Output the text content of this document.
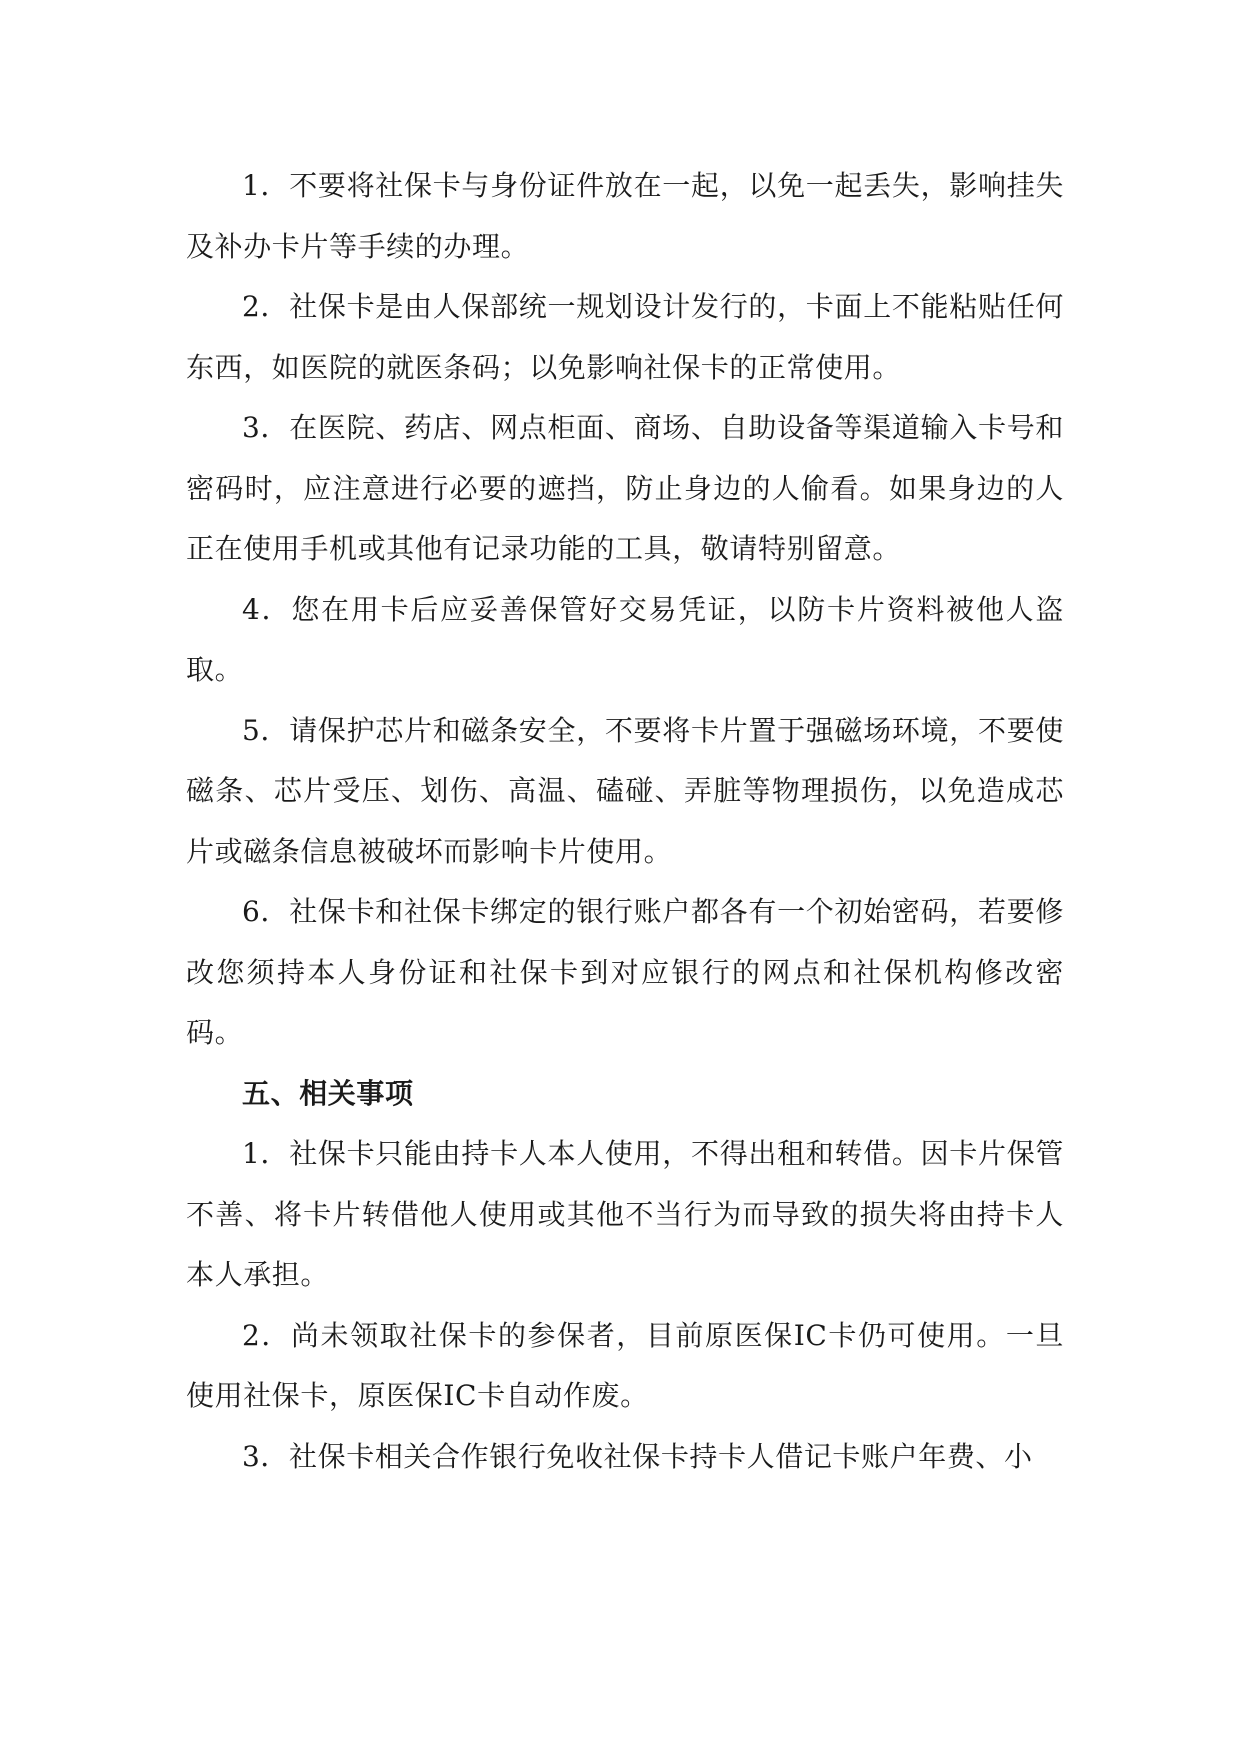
1．不要将社保卡与身份证件放在一起，以免一起丢失，影响挂失及补办卡片等手续的办理。

2．社保卡是由人保部统一规划设计发行的，卡面上不能粘贴任何东西，如医院的就医条码；以免影响社保卡的正常使用。

3．在医院、药店、网点柜面、商场、自助设备等渠道输入卡号和密码时，应注意进行必要的遮挡，防止身边的人偷看。如果身边的人正在使用手机或其他有记录功能的工具，敬请特别留意。

4．您在用卡后应妥善保管好交易凭证，以防卡片资料被他人盗取。

5．请保护芯片和磁条安全，不要将卡片置于强磁场环境，不要使磁条、芯片受压、划伤、高温、磕碰、弄脏等物理损伤，以免造成芯片或磁条信息被破坏而影响卡片使用。

6．社保卡和社保卡绑定的银行账户都各有一个初始密码，若要修改您须持本人身份证和社保卡到对应银行的网点和社保机构修改密码。

五、相关事项

1．社保卡只能由持卡人本人使用，不得出租和转借。因卡片保管不善、将卡片转借他人使用或其他不当行为而导致的损失将由持卡人本人承担。

2．尚未领取社保卡的参保者，目前原医保IC卡仍可使用。一旦使用社保卡，原医保IC卡自动作废。

3．社保卡相关合作银行免收社保卡持卡人借记卡账户年费、小
